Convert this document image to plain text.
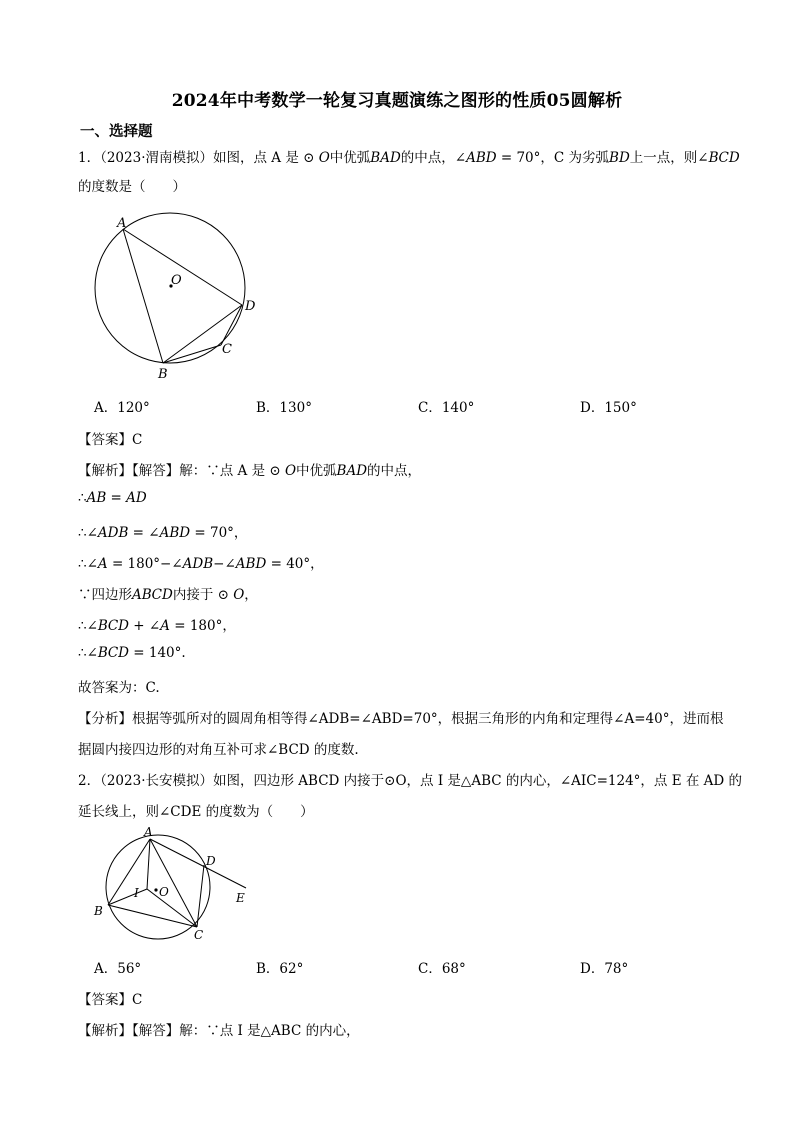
2024年中考数学一轮复习真题演练之图形的性质05圆解析
一、选择题
1．（2023·渭南模拟）如图，点 A 是 ⊙ 𝑂中优弧𝐵𝐴𝐷的中点，∠𝐴𝐵𝐷 = 70°，C 为劣弧𝐵𝐷上一点，则∠𝐵𝐶𝐷
的度数是（　　）
A
O
D
C
B
A．120°	B．130°	C．140°	D．150°
【答案】C
【解析】【解答】解：∵点 A 是 ⊙ 𝑂中优弧𝐵𝐴𝐷的中点，
∴𝐴𝐵 = 𝐴𝐷
∴∠𝐴𝐷𝐵 = ∠𝐴𝐵𝐷 = 70°，
∴∠𝐴 = 180°−∠𝐴𝐷𝐵−∠𝐴𝐵𝐷 = 40°，
∵四边形𝐴𝐵𝐶𝐷内接于 ⊙ 𝑂，
∴∠𝐵𝐶𝐷 + ∠𝐴 = 180°，
∴∠𝐵𝐶𝐷 = 140°.
故答案为：C.
【分析】根据等弧所对的圆周角相等得∠ADB=∠ABD=70°，根据三角形的内角和定理得∠A=40°，进而根
据圆内接四边形的对角互补可求∠BCD 的度数.
2．（2023·长安模拟）如图，四边形 ABCD 内接于⊙O，点 I 是△ABC 的内心，∠AIC=124°，点 E 在 AD 的
延长线上，则∠CDE 的度数为（　　）
A
D
I O	E
B
C
A．56°	B．62°	C．68°	D．78°
【答案】C
【解析】【解答】解：∵点 I 是△ABC 的内心，
